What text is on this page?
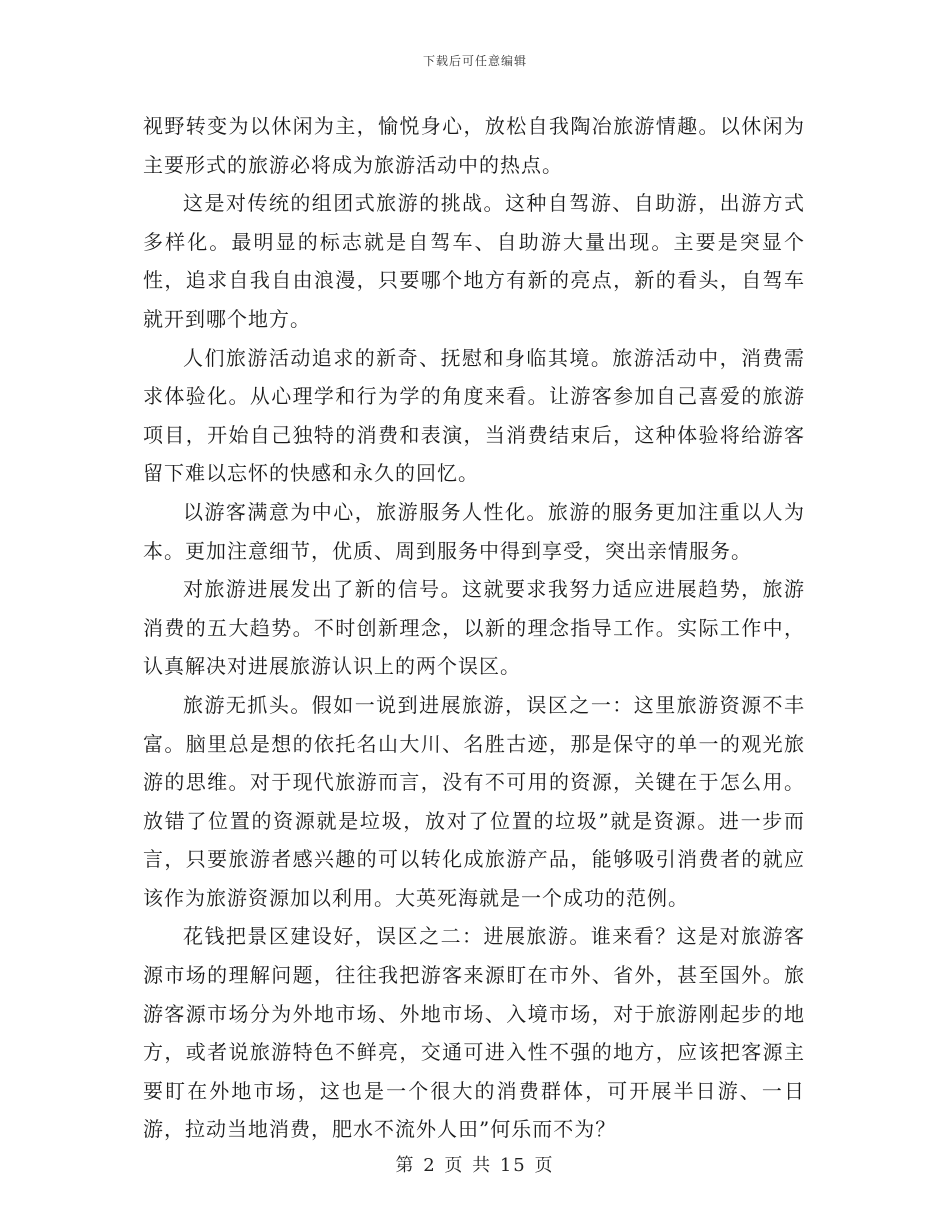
下载后可任意编辑

视野转变为以休闲为主，愉悦身心，放松自我陶冶旅游情趣。以休闲为主要形式的旅游必将成为旅游活动中的热点。

这是对传统的组团式旅游的挑战。这种自驾游、自助游，出游方式多样化。最明显的标志就是自驾车、自助游大量出现。主要是突显个性，追求自我自由浪漫，只要哪个地方有新的亮点，新的看头，自驾车就开到哪个地方。

人们旅游活动追求的新奇、抚慰和身临其境。旅游活动中，消费需求体验化。从心理学和行为学的角度来看。让游客参加自己喜爱的旅游项目，开始自己独特的消费和表演，当消费结束后，这种体验将给游客留下难以忘怀的快感和永久的回忆。

以游客满意为中心，旅游服务人性化。旅游的服务更加注重以人为本。更加注意细节，优质、周到服务中得到享受，突出亲情服务。

对旅游进展发出了新的信号。这就要求我努力适应进展趋势，旅游消费的五大趋势。不时创新理念，以新的理念指导工作。实际工作中，认真解决对进展旅游认识上的两个误区。

旅游无抓头。假如一说到进展旅游，误区之一：这里旅游资源不丰富。脑里总是想的依托名山大川、名胜古迹，那是保守的单一的观光旅游的思维。对于现代旅游而言，没有不可用的资源，关键在于怎么用。放错了位置的资源就是垃圾，放对了位置的垃圾”就是资源。进一步而言，只要旅游者感兴趣的可以转化成旅游产品，能够吸引消费者的就应该作为旅游资源加以利用。大英死海就是一个成功的范例。

花钱把景区建设好，误区之二：进展旅游。谁来看？这是对旅游客源市场的理解问题，往往我把游客来源盯在市外、省外，甚至国外。旅游客源市场分为外地市场、外地市场、入境市场，对于旅游刚起步的地方，或者说旅游特色不鲜亮，交通可进入性不强的地方，应该把客源主要盯在外地市场，这也是一个很大的消费群体，可开展半日游、一日游，拉动当地消费，肥水不流外人田”何乐而不为？

第 2 页 共 15 页
